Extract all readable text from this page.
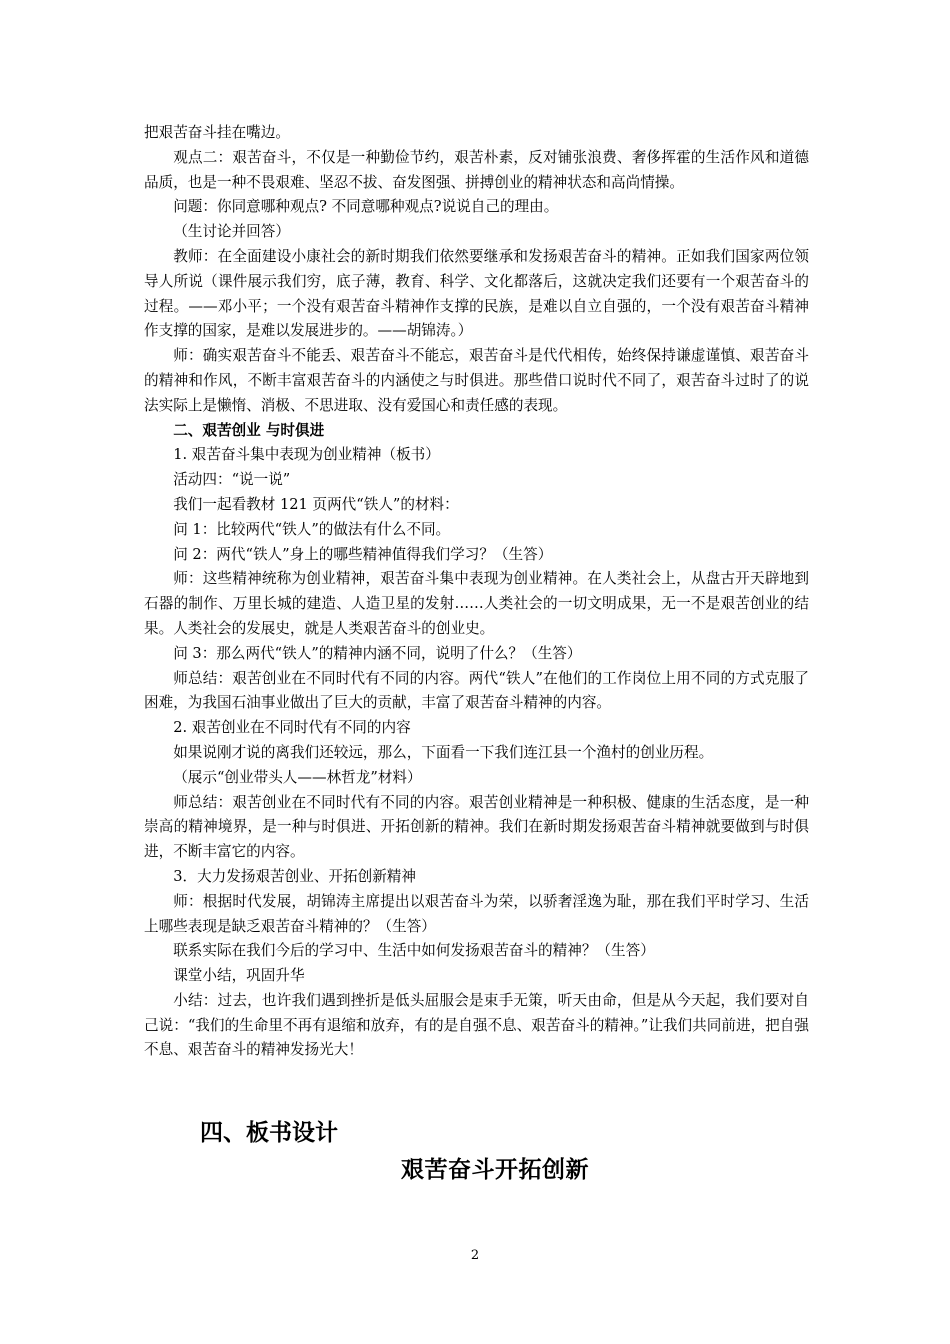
把艰苦奋斗挂在嘴边。

观点二：艰苦奋斗，不仅是一种勤俭节约，艰苦朴素，反对铺张浪费、奢侈挥霍的生活作风和道德品质，也是一种不畏艰难、坚忍不拔、奋发图强、拼搏创业的精神状态和高尚情操。

问题：你同意哪种观点? 不同意哪种观点?说说自己的理由。

（生讨论并回答）

教师：在全面建设小康社会的新时期我们依然要继承和发扬艰苦奋斗的精神。正如我们国家两位领导人所说（课件展示我们穷，底子薄，教育、科学、文化都落后，这就决定我们还要有一个艰苦奋斗的过程。——邓小平；一个没有艰苦奋斗精神作支撑的民族，是难以自立自强的，一个没有艰苦奋斗精神作支撑的国家，是难以发展进步的。——胡锦涛。）

师：确实艰苦奋斗不能丢、艰苦奋斗不能忘，艰苦奋斗是代代相传，始终保持谦虚谨慎、艰苦奋斗的精神和作风，不断丰富艰苦奋斗的内涵使之与时俱进。那些借口说时代不同了，艰苦奋斗过时了的说法实际上是懒惰、消极、不思进取、没有爱国心和责任感的表现。

二、艰苦创业 与时俱进

1. 艰苦奋斗集中表现为创业精神（板书）

活动四：“说一说”

我们一起看教材 121 页两代“铁人”的材料：

问 1：比较两代“铁人”的做法有什么不同。

问 2：两代“铁人”身上的哪些精神值得我们学习？（生答）

师：这些精神统称为创业精神，艰苦奋斗集中表现为创业精神。在人类社会上，从盘古开天辟地到石器的制作、万里长城的建造、人造卫星的发射……人类社会的一切文明成果，无一不是艰苦创业的结果。人类社会的发展史，就是人类艰苦奋斗的创业史。

问 3：那么两代“铁人”的精神内涵不同，说明了什么？（生答）

师总结：艰苦创业在不同时代有不同的内容。两代“铁人”在他们的工作岗位上用不同的方式克服了困难，为我国石油事业做出了巨大的贡献，丰富了艰苦奋斗精神的内容。

2. 艰苦创业在不同时代有不同的内容

如果说刚才说的离我们还较远，那么，下面看一下我们连江县一个渔村的创业历程。

（展示“创业带头人——林哲龙”材料）

师总结：艰苦创业在不同时代有不同的内容。艰苦创业精神是一种积极、健康的生活态度，是一种崇高的精神境界，是一种与时俱进、开拓创新的精神。我们在新时期发扬艰苦奋斗精神就要做到与时俱进，不断丰富它的内容。

3．大力发扬艰苦创业、开拓创新精神

师：根据时代发展，胡锦涛主席提出以艰苦奋斗为荣，以骄奢淫逸为耻，那在我们平时学习、生活上哪些表现是缺乏艰苦奋斗精神的？（生答）

联系实际在我们今后的学习中、生活中如何发扬艰苦奋斗的精神？（生答）

课堂小结，巩固升华

小结：过去，也许我们遇到挫折是低头屈服会是束手无策，听天由命，但是从今天起，我们要对自己说：“我们的生命里不再有退缩和放弃，有的是自强不息、艰苦奋斗的精神。”让我们共同前进，把自强不息、艰苦奋斗的精神发扬光大！

四、板书设计
艰苦奋斗开拓创新
2
